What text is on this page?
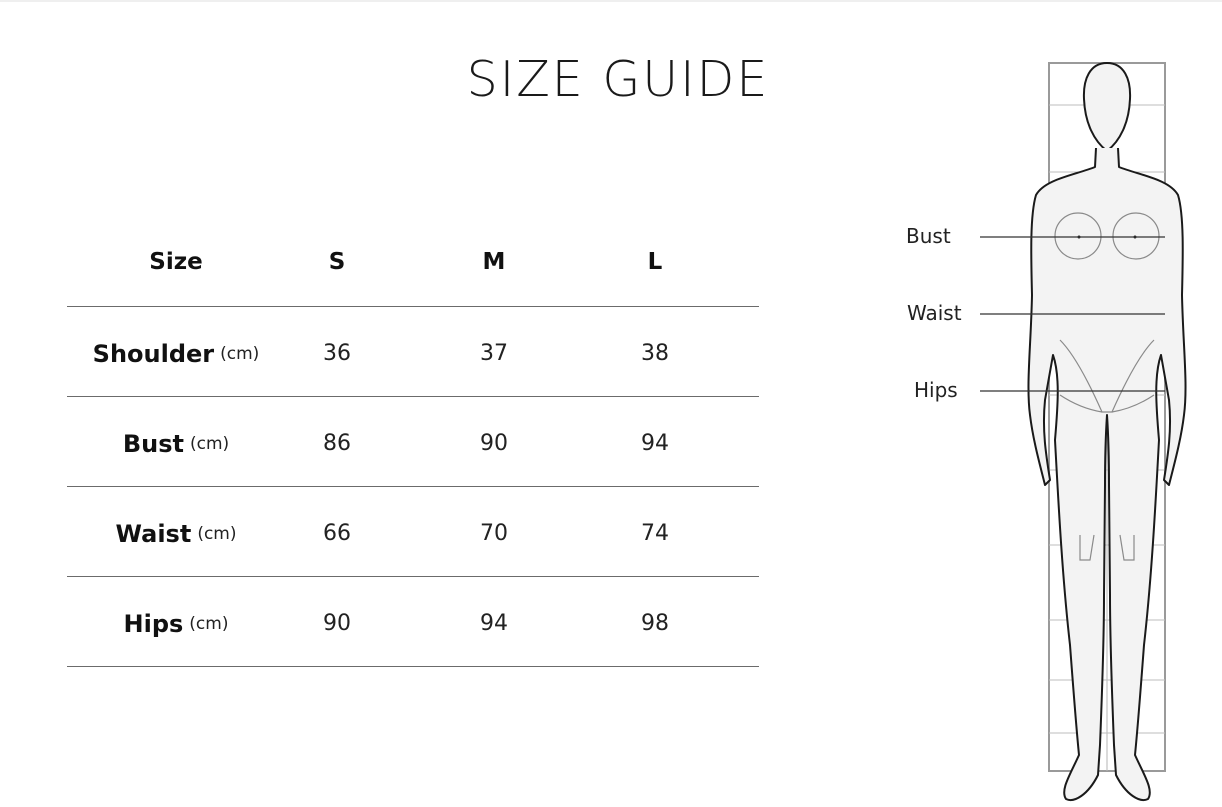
SIZE GUIDE
Size	S	M	L
Shoulder (cm)	36	37	38
Bust (cm)	86	90	94
Waist (cm)	66	70	74
Hips (cm)	90	94	98
Bust
Waist
Hips
